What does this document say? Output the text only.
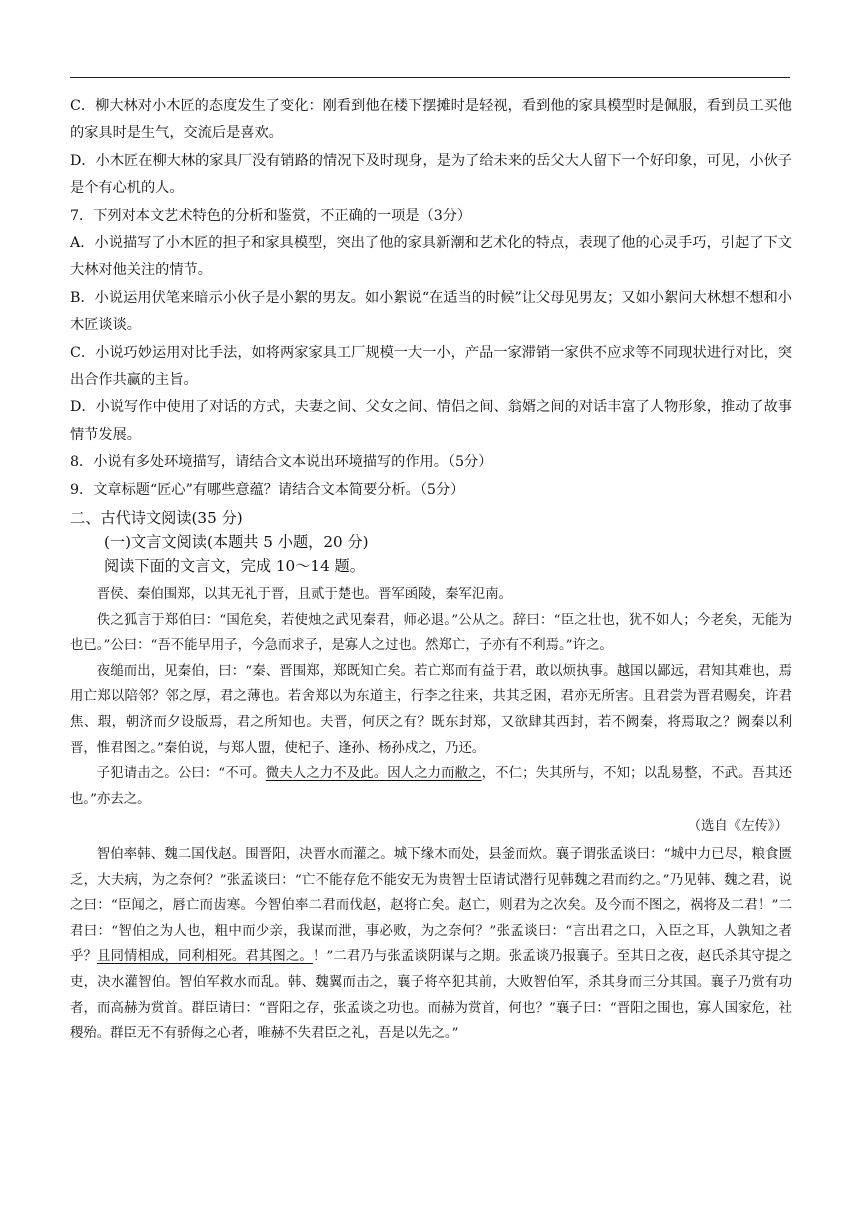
C．柳大林对小木匠的态度发生了变化：刚看到他在楼下摆摊时是轻视，看到他的家具模型时是佩服，看到员工买他的家具时是生气，交流后是喜欢。

D．小木匠在柳大林的家具厂没有销路的情况下及时现身，是为了给未来的岳父大人留下一个好印象，可见，小伙子是个有心机的人。

7．下列对本文艺术特色的分析和鉴赏，不正确的一项是（3分）

A．小说描写了小木匠的担子和家具模型，突出了他的家具新潮和艺术化的特点，表现了他的心灵手巧，引起了下文大林对他关注的情节。

B．小说运用伏笔来暗示小伙子是小絮的男友。如小絮说“在适当的时候”让父母见男友；又如小絮问大林想不想和小木匠谈谈。

C．小说巧妙运用对比手法，如将两家家具工厂规模一大一小，产品一家滞销一家供不应求等不同现状进行对比，突出合作共赢的主旨。

D．小说写作中使用了对话的方式，夫妻之间、父女之间、情侣之间、翁婿之间的对话丰富了人物形象，推动了故事情节发展。

8．小说有多处环境描写，请结合文本说出环境描写的作用。（5分）

9．文章标题“匠心”有哪些意蕴？请结合文本简要分析。（5分）

二、古代诗文阅读(35 分)

(一)文言文阅读(本题共 5 小题，20 分)

阅读下面的文言文，完成 10～14 题。

晋侯、秦伯围郑，以其无礼于晋，且贰于楚也。晋军函陵，秦军氾南。

佚之狐言于郑伯曰：“国危矣，若使烛之武见秦君，师必退。”公从之。辞曰：“臣之壮也，犹不如人；今老矣，无能为也已。”公曰：“吾不能早用子，今急而求子，是寡人之过也。然郑亡，子亦有不利焉。”许之。

夜缒而出，见秦伯，曰：“秦、晋围郑，郑既知亡矣。若亡郑而有益于君，敢以烦执事。越国以鄙远，君知其难也，焉用亡郑以陪邻？邻之厚，君之薄也。若舍郑以为东道主，行李之往来，共其乏困，君亦无所害。且君尝为晋君赐矣，许君焦、瑕，朝济而夕设版焉，君之所知也。夫晋，何厌之有？既东封郑，又欲肆其西封，若不阙秦，将焉取之？阙秦以利晋，惟君图之。”秦伯说，与郑人盟，使杞子、逢孙、杨孙戍之，乃还。

子犯请击之。公曰：“不可。微夫人之力不及此。因人之力而敝之，不仁；失其所与，不知；以乱易整，不武。吾其还也。”亦去之。

（选自《左传》）

智伯率韩、魏二国伐赵。围晋阳，决晋水而灌之。城下缘木而处，县釜而炊。襄子谓张孟谈曰：“城中力已尽，粮食匮乏，大夫病，为之奈何？”张孟谈曰：“亡不能存危不能安无为贵智士臣请试潜行见韩魏之君而约之。”乃见韩、魏之君，说之曰：“臣闻之，唇亡而齿寒。今智伯率二君而伐赵，赵将亡矣。赵亡，则君为之次矣。及今而不图之，祸将及二君！”二君曰：“智伯之为人也，粗中而少亲，我谋而泄，事必败，为之奈何？”张孟谈曰：“言出君之口，入臣之耳，人孰知之者乎？且同情相成，同利相死。君其图之。！”二君乃与张孟谈阴谋与之期。张孟谈乃报襄子。至其日之夜，赵氏杀其守提之吏，决水灌智伯。智伯军救水而乱。韩、魏翼而击之，襄子将卒犯其前，大败智伯军，杀其身而三分其国。襄子乃赏有功者，而高赫为赏首。群臣请曰：“晋阳之存，张孟谈之功也。而赫为赏首，何也？”襄子曰：“晋阳之围也，寡人国家危，社稷殆。群臣无不有骄侮之心者，唯赫不失君臣之礼，吾是以先之。”
